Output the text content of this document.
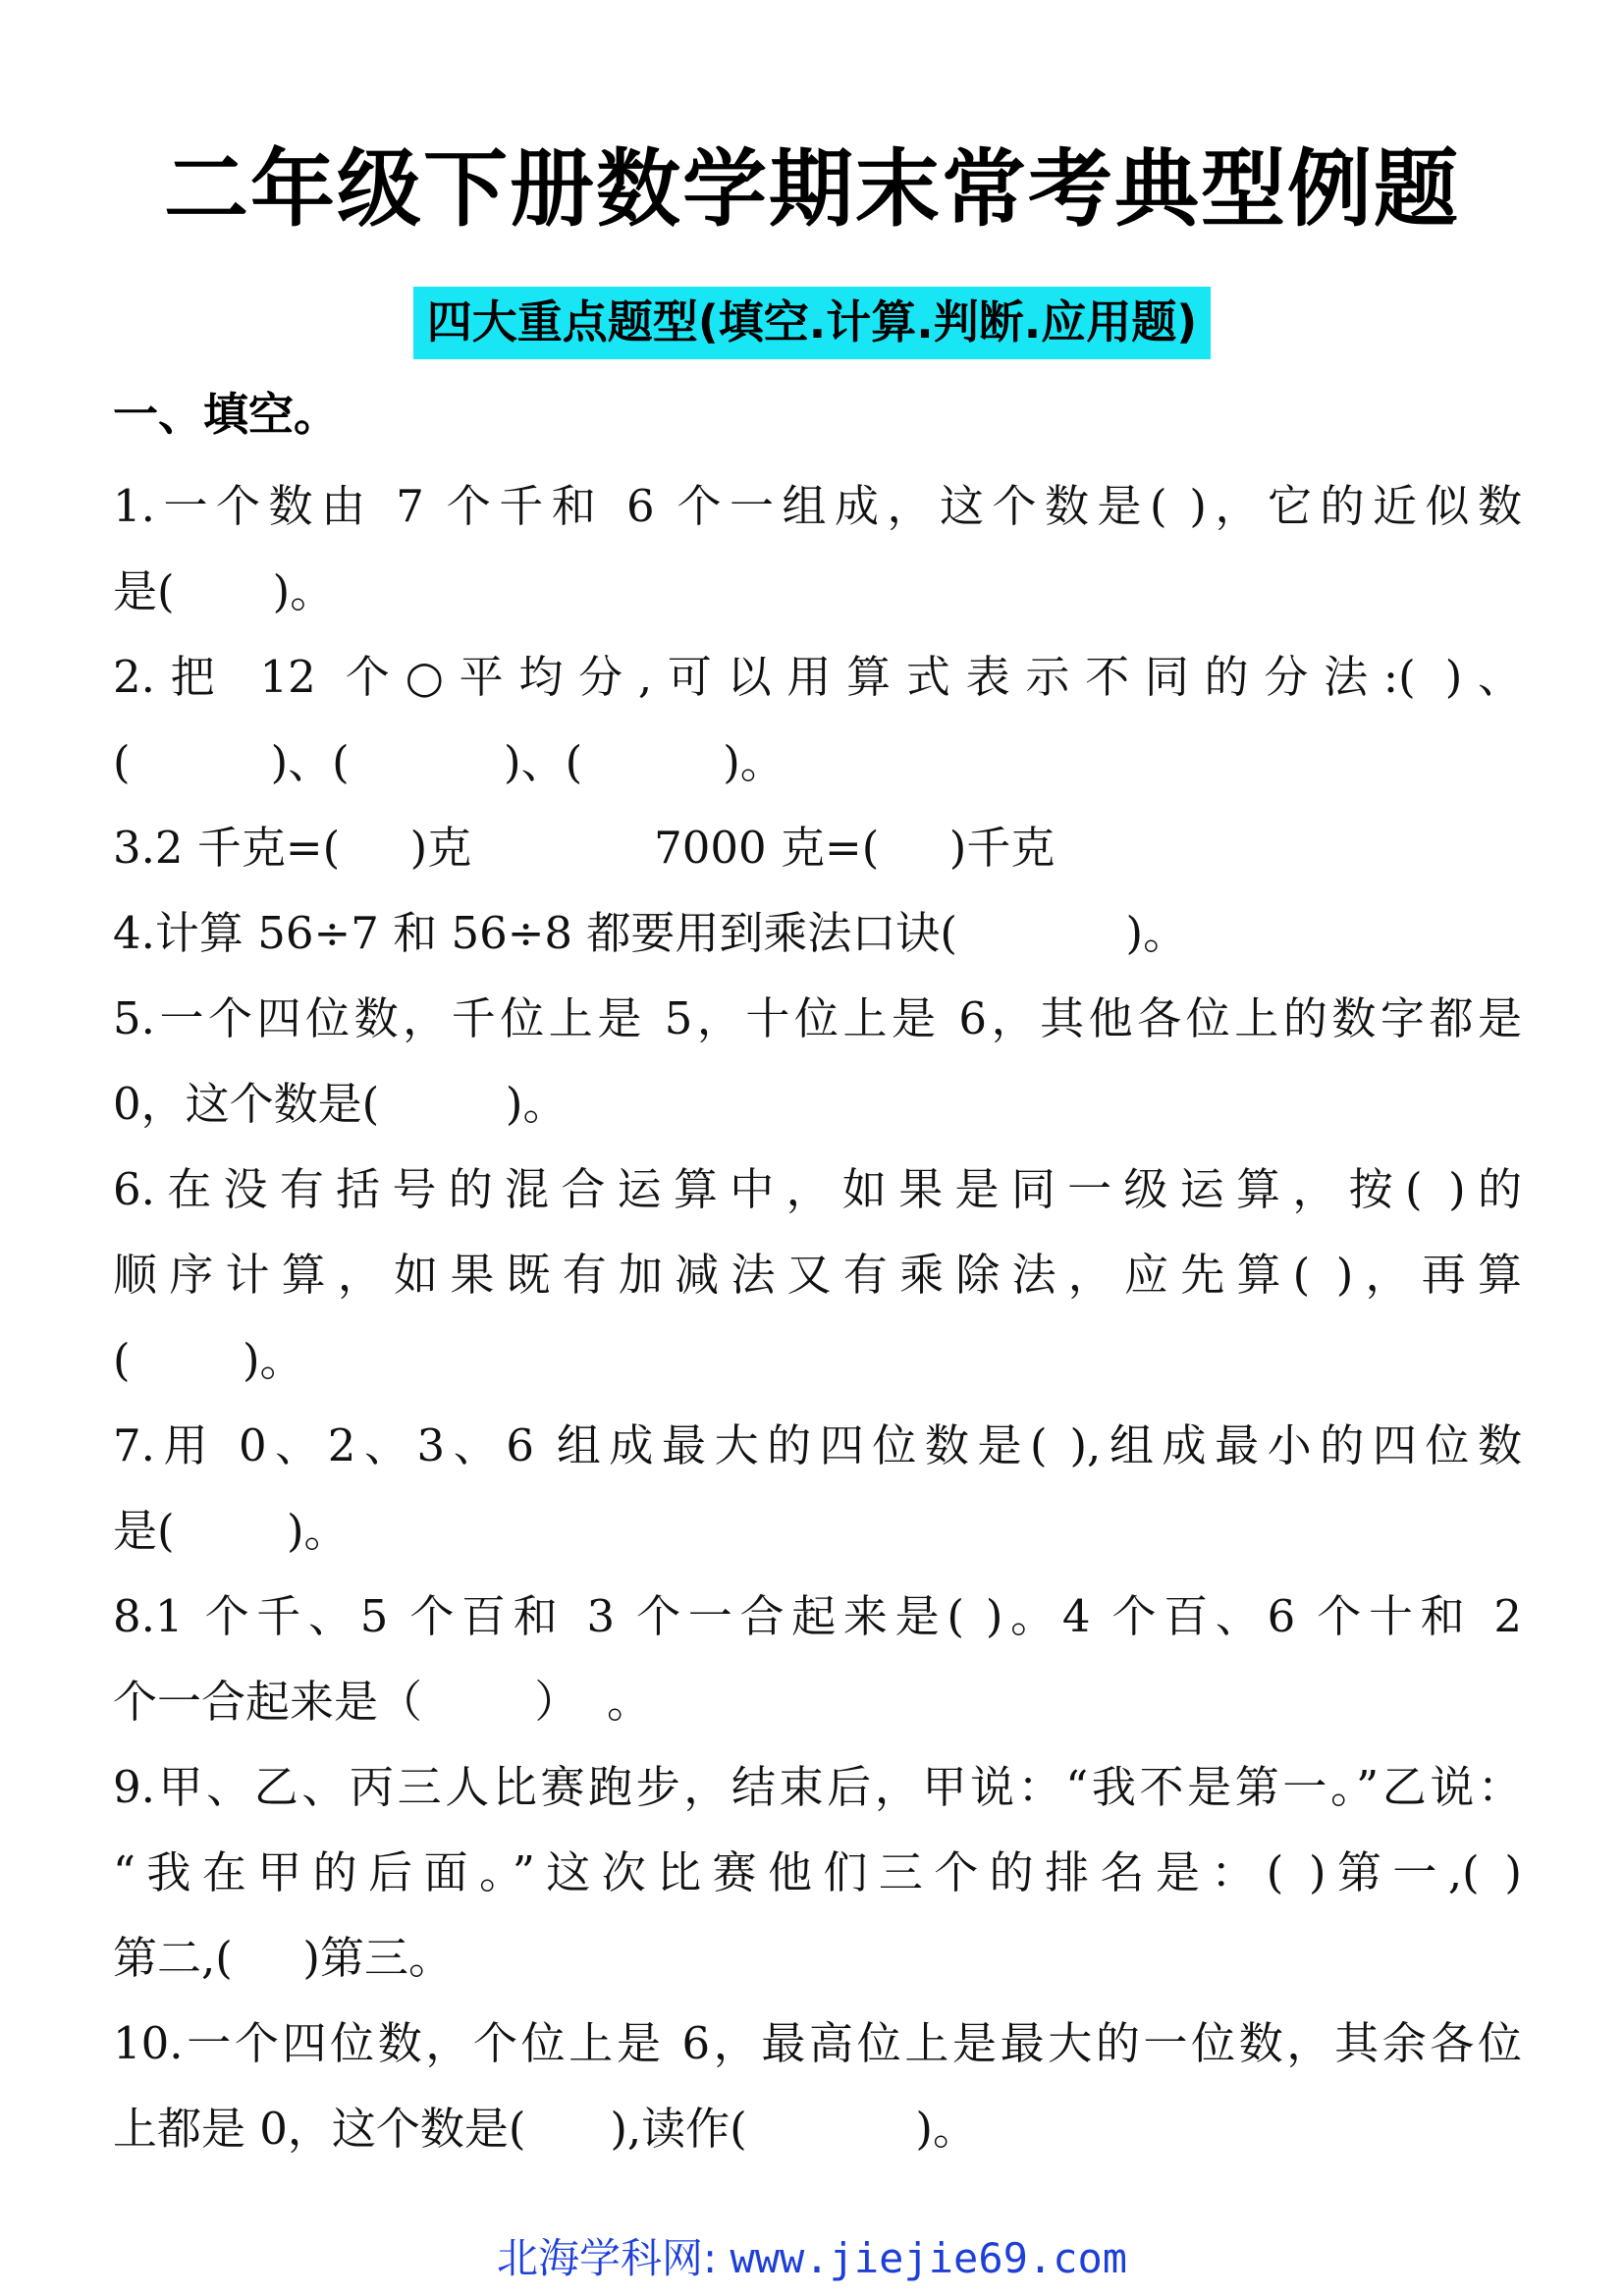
二年级下册数学期末常考典型例题
四大重点题型(填空.计算.判断.应用题)
一、填空。
1.一个数由 7 个千和 6 个一组成，这个数是( )，它的近似数
是(       )。
2.把 12 个○平均分,可以用算式表示不同的分法:( )、
(          )、(           )、(          )。
3.2 千克=(     )克             7000 克=(     )千克
4.计算 56÷7 和 56÷8 都要用到乘法口诀(            )。
5.一个四位数，千位上是 5，十位上是 6，其他各位上的数字都是
0，这个数是(         )。
6.在没有括号的混合运算中，如果是同一级运算，按( )的
顺序计算，如果既有加减法又有乘除法，应先算( )，再算
(        )。
7.用 0、2、3、6 组成最大的四位数是( ),组成最小的四位数
是(        )。
8.1 个千、5 个百和 3 个一合起来是( )。4 个百、6 个十和 2
个一合起来是（        ）  。
9.甲、乙、丙三人比赛跑步，结束后，甲说：“我不是第一。”乙说：
“我在甲的后面。”这次比赛他们三个的排名是：( )第一,( )
第二,(     )第三。
10.一个四位数，个位上是 6，最高位上是最大的一位数，其余各位
上都是 0，这个数是(      ),读作(            )。
北海学科网: www.jiejie69.com
